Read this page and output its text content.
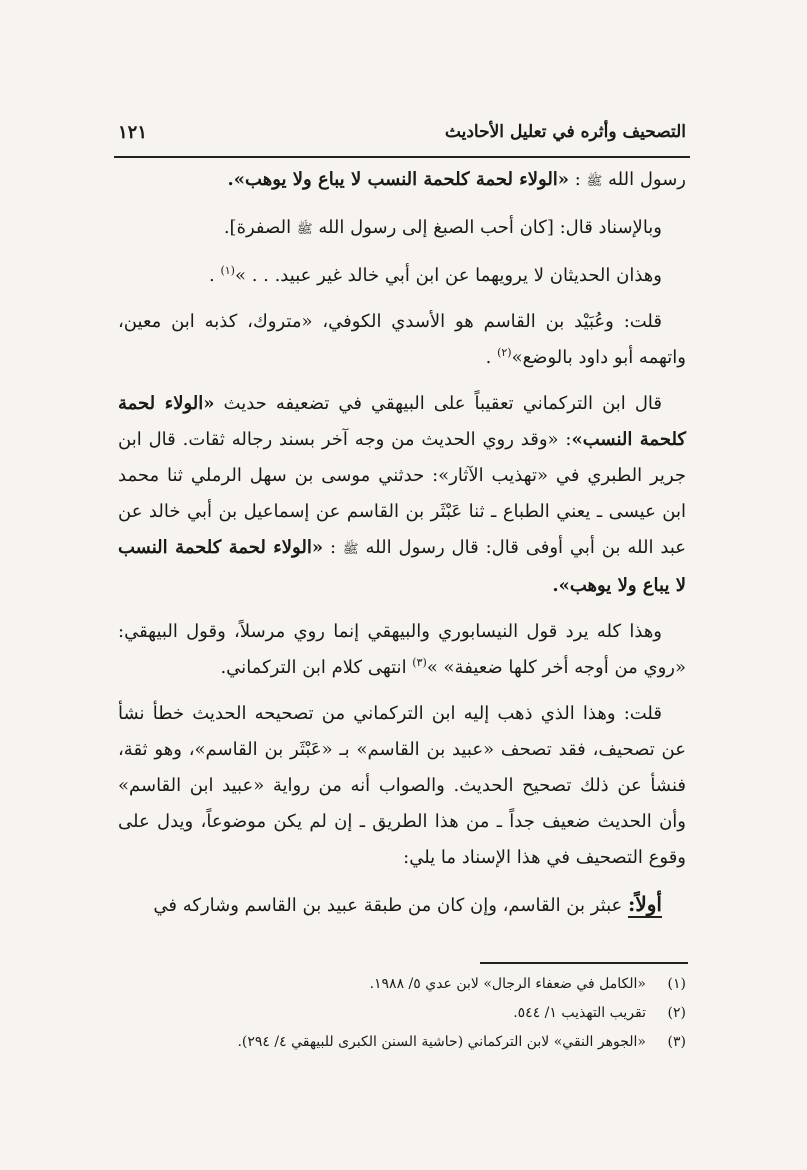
التصحيف وأثره في تعليل الأحاديث
١٢١

رسول الله ﷺ : «الولاء لحمة كلحمة النسب لا يباع ولا يوهب».

وبالإسناد قال: [كان أحب الصبغ إلى رسول الله ﷺ الصفرة].

وهذان الحديثان لا يرويهما عن ابن أبي خالد غير عبيد. . . »$^{(١)}$ .

قلت: وعُبَيْد بن القاسم هو الأسدي الكوفي، «متروك، كذبه ابن معين، واتهمه أبو داود بالوضع»$^{(٢)}$ .

قال ابن التركماني تعقيباً على البيهقي في تضعيفه حديث «الولاء لحمة كلحمة النسب»: «وقد روي الحديث من وجه آخر بسند رجاله ثقات. قال ابن جرير الطبري في «تهذيب الآثار»: حدثني موسى بن سهل الرملي ثنا محمد ابن عيسى ـ يعني الطباع ـ ثنا عَبْثَر بن القاسم عن إسماعيل بن أبي خالد عن عبد الله بن أبي أوفى قال: قال رسول الله ﷺ : «الولاء لحمة كلحمة النسب لا يباع ولا يوهب».

وهذا كله يرد قول النيسابوري والبيهقي إنما روي مرسلاً، وقول البيهقي: «روي من أوجه أخر كلها ضعيفة» »$^{(٣)}$ انتهى كلام ابن التركماني.

قلت: وهذا الذي ذهب إليه ابن التركماني من تصحيحه الحديث خطأ نشأ عن تصحيف، فقد تصحف «عبيد بن القاسم» بـ «عَبْثَر بن القاسم»، وهو ثقة، فنشأ عن ذلك تصحيح الحديث. والصواب أنه من رواية «عبيد ابن القاسم» وأن الحديث ضعيف جداً ـ من هذا الطريق ـ إن لم يكن موضوعاً، ويدل على وقوع التصحيف في هذا الإسناد ما يلي:

أولاً: عبثر بن القاسم، وإن كان من طبقة عبيد بن القاسم وشاركه في

(١)
«الكامل في ضعفاء الرجال» لابن عدي ٥/ ١٩٨٨.
(٢)
تقريب التهذيب ١/ ٥٤٤.
(٣)
«الجوهر النقي» لابن التركماني (حاشية السنن الكبرى للبيهقي ٤/ ٢٩٤).
